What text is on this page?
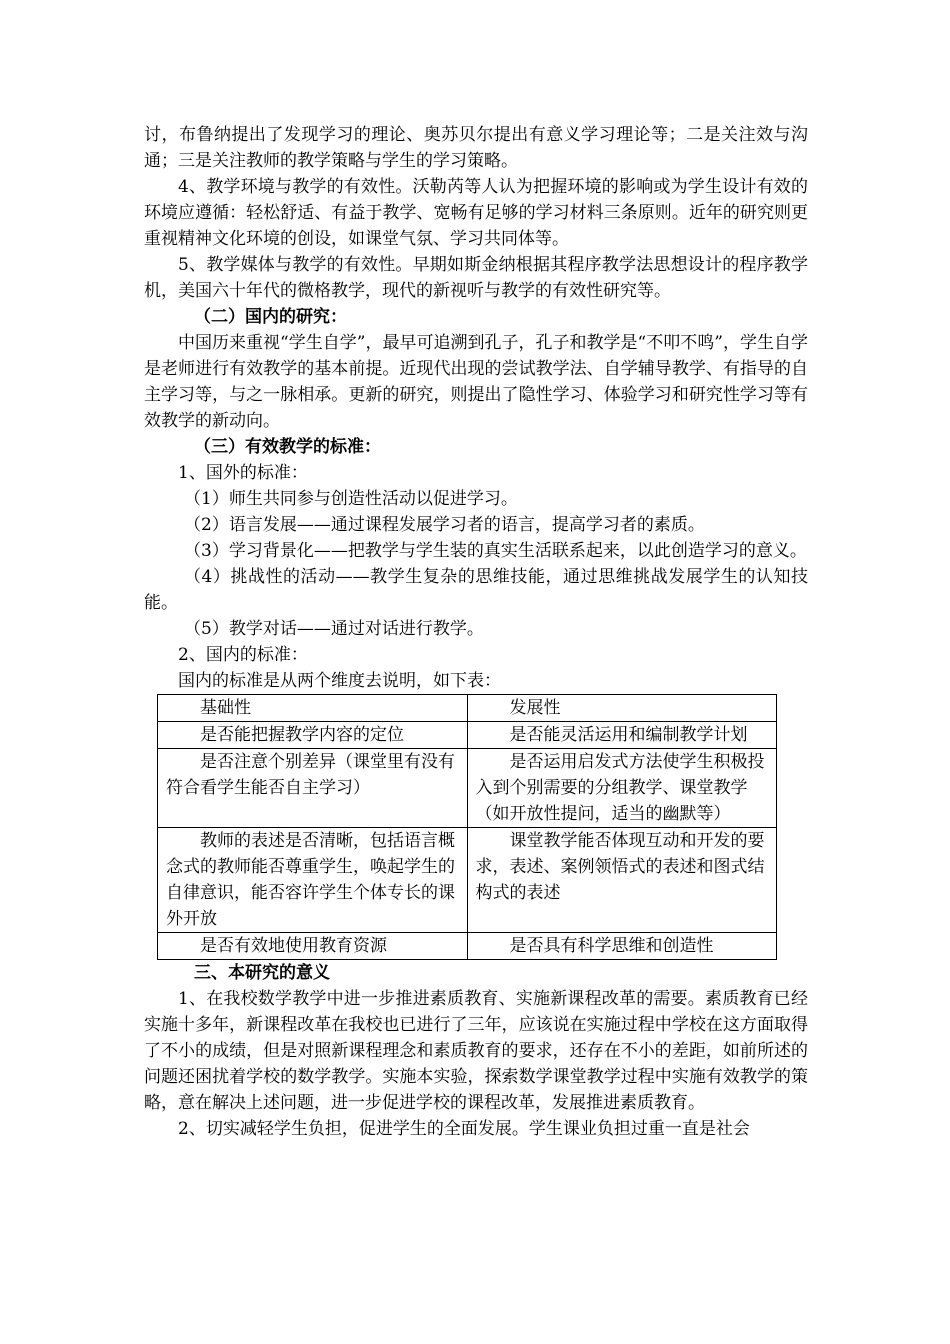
讨，布鲁纳提出了发现学习的理论、奥苏贝尔提出有意义学习理论等；二是关注效与沟通；三是关注教师的教学策略与学生的学习策略。

4、教学环境与教学的有效性。沃勒芮等人认为把握环境的影响或为学生设计有效的环境应遵循：轻松舒适、有益于教学、宽畅有足够的学习材料三条原则。近年的研究则更重视精神文化环境的创设，如课堂气氛、学习共同体等。

5、教学媒体与教学的有效性。早期如斯金纳根据其程序教学法思想设计的程序教学机，美国六十年代的微格教学，现代的新视听与教学的有效性研究等。

（二）国内的研究：

中国历来重视“学生自学”，最早可追溯到孔子，孔子和教学是“不叩不鸣”，学生自学是老师进行有效教学的基本前提。近现代出现的尝试教学法、自学辅导教学、有指导的自主学习等，与之一脉相承。更新的研究，则提出了隐性学习、体验学习和研究性学习等有效教学的新动向。

（三）有效教学的标准：

1、国外的标准：

（1）师生共同参与创造性活动以促进学习。

（2）语言发展——通过课程发展学习者的语言，提高学习者的素质。

（3）学习背景化——把教学与学生装的真实生活联系起来，以此创造学习的意义。

（4）挑战性的活动——教学生复杂的思维技能，通过思维挑战发展学生的认知技能。

（5）教学对话——通过对话进行教学。

2、国内的标准：

国内的标准是从两个维度去说明，如下表：

基础性	发展性
是否能把握教学内容的定位	是否能灵活运用和编制教学计划
是否注意个别差异（课堂里有没有符合看学生能否自主学习）	是否运用启发式方法使学生积极投入到个别需要的分组教学、课堂教学（如开放性提问，适当的幽默等）
教师的表述是否清晰，包括语言概念式的教师能否尊重学生，唤起学生的自律意识，能否容许学生个体专长的课外开放	课堂教学能否体现互动和开发的要求，表述、案例领悟式的表述和图式结构式的表述
是否有效地使用教育资源	是否具有科学思维和创造性

三、本研究的意义

1、在我校数学教学中进一步推进素质教育、实施新课程改革的需要。素质教育已经实施十多年，新课程改革在我校也已进行了三年，应该说在实施过程中学校在这方面取得了不小的成绩，但是对照新课程理念和素质教育的要求，还存在不小的差距，如前所述的问题还困扰着学校的数学教学。实施本实验，探索数学课堂教学过程中实施有效教学的策略，意在解决上述问题，进一步促进学校的课程改革，发展推进素质教育。

2、切实减轻学生负担，促进学生的全面发展。学生课业负担过重一直是社会
